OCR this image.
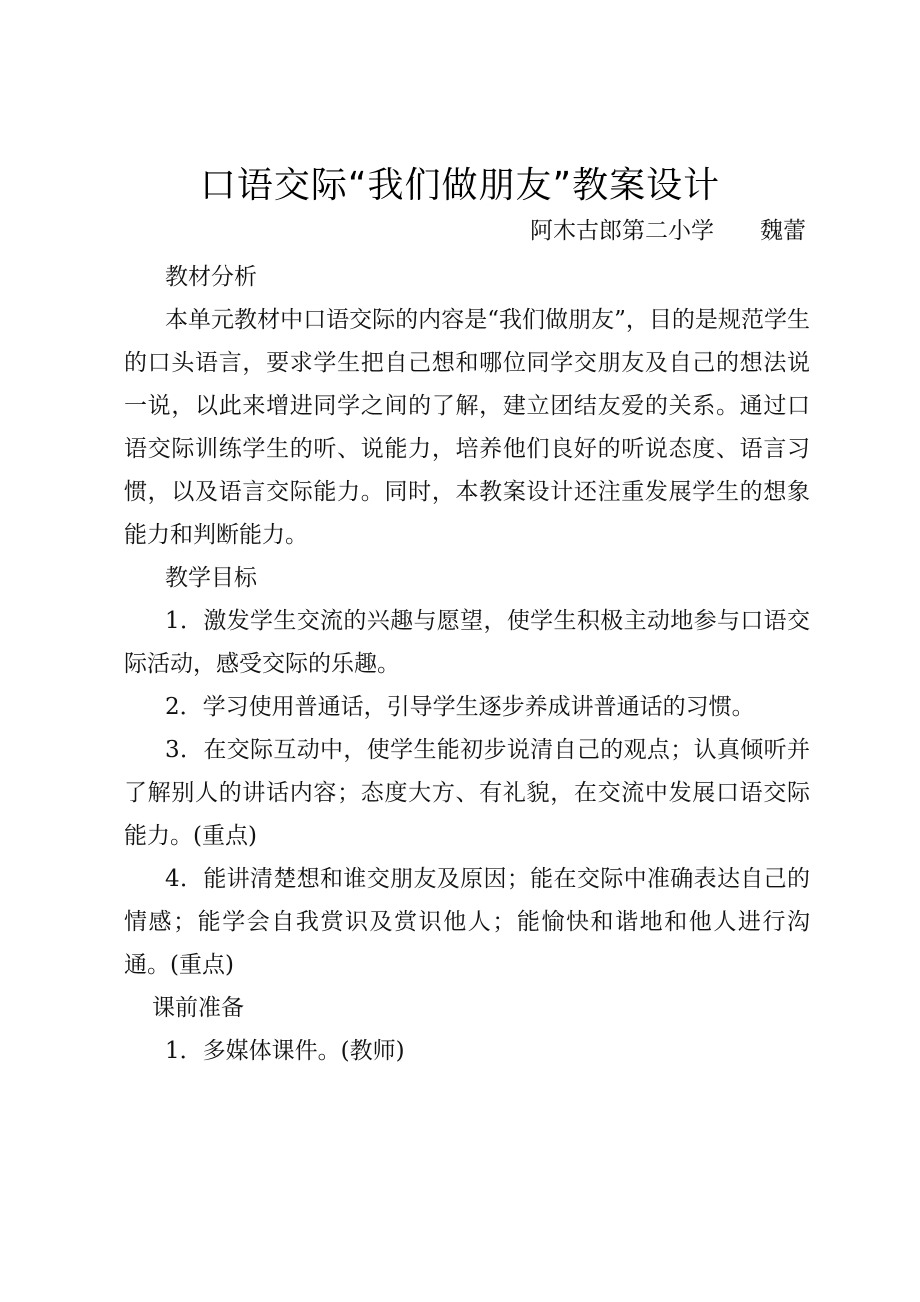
口语交际“我们做朋友”教案设计
阿木古郎第二小学　　魏蕾

教材分析

本单元教材中口语交际的内容是“我们做朋友”，目的是规范学生的口头语言，要求学生把自己想和哪位同学交朋友及自己的想法说一说，以此来增进同学之间的了解，建立团结友爱的关系。通过口语交际训练学生的听、说能力，培养他们良好的听说态度、语言习惯，以及语言交际能力。同时，本教案设计还注重发展学生的想象能力和判断能力。

教学目标

1．激发学生交流的兴趣与愿望，使学生积极主动地参与口语交际活动，感受交际的乐趣。

2．学习使用普通话，引导学生逐步养成讲普通话的习惯。

3．在交际互动中，使学生能初步说清自己的观点；认真倾听并了解别人的讲话内容；态度大方、有礼貌，在交流中发展口语交际能力。(重点)

4．能讲清楚想和谁交朋友及原因；能在交际中准确表达自己的情感；能学会自我赏识及赏识他人；能愉快和谐地和他人进行沟通。(重点)

课前准备

1．多媒体课件。(教师)
